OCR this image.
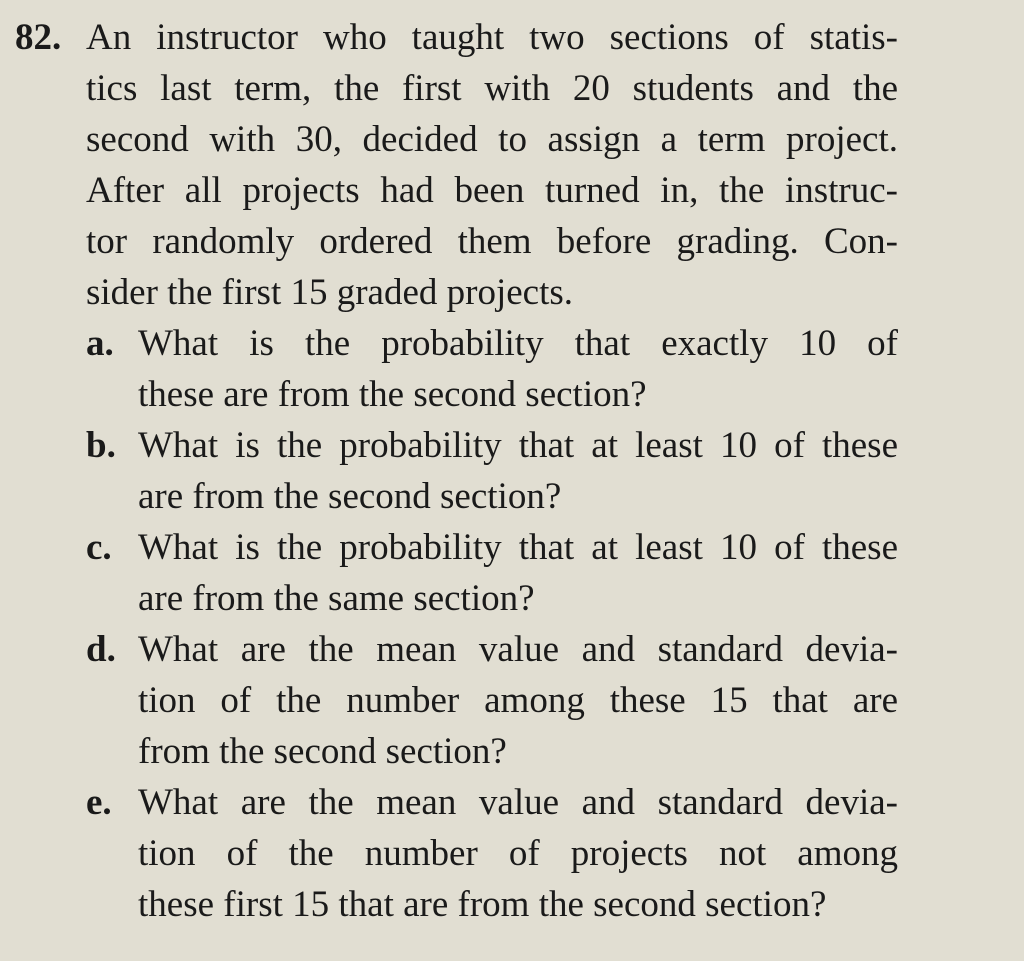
82. An instructor who taught two sections of statis-
tics last term, the first with 20 students and the
second with 30, decided to assign a term project.
After all projects had been turned in, the instruc-
tor randomly ordered them before grading. Con-
sider the first 15 graded projects.
a. What is the probability that exactly 10 of
these are from the second section?
b. What is the probability that at least 10 of these
are from the second section?
c. What is the probability that at least 10 of these
are from the same section?
d. What are the mean value and standard devia-
tion of the number among these 15 that are
from the second section?
e. What are the mean value and standard devia-
tion of the number of projects not among
these first 15 that are from the second section?
